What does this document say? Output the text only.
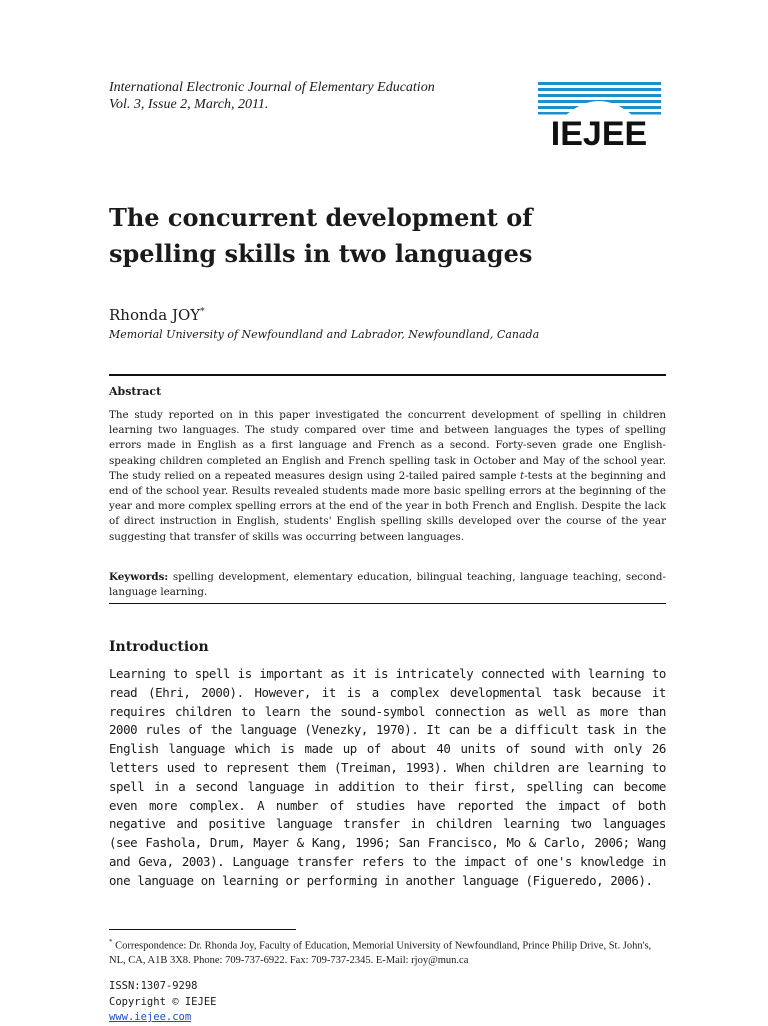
International Electronic Journal of Elementary Education
Vol. 3, Issue 2, March, 2011.
IEJEE
The concurrent development of
spelling skills in two languages
Rhonda JOY*
Memorial University of Newfoundland and Labrador, Newfoundland, Canada
Abstract

The study reported on in this paper investigated the concurrent development of spelling in children learning two languages. The study compared over time and between languages the types of spelling errors made in English as a first language and French as a second. Forty-seven grade one English-speaking children completed an English and French spelling task in October and May of the school year. The study relied on a repeated measures design using 2-tailed paired sample t-tests at the beginning and end of the school year. Results revealed students made more basic spelling errors at the beginning of the year and more complex spelling errors at the end of the year in both French and English. Despite the lack of direct instruction in English, students' English spelling skills developed over the course of the year suggesting that transfer of skills was occurring between languages.

Keywords: spelling development, elementary education, bilingual teaching, language teaching, second-language learning.

Introduction

Learning to spell is important as it is intricately connected with learning to read (Ehri, 2000). However, it is a complex developmental task because it requires children to learn the sound-symbol connection as well as more than 2000 rules of the language (Venezky, 1970). It can be a difficult task in the English language which is made up of about 40 units of sound with only 26 letters used to represent them (Treiman, 1993). When children are learning to spell in a second language in addition to their first, spelling can become even more complex. A number of studies have reported the impact of both negative and positive language transfer in children learning two languages (see Fashola, Drum, Mayer & Kang, 1996; San Francisco, Mo & Carlo, 2006; Wang and Geva, 2003). Language transfer refers to the impact of one's knowledge in one language on learning or performing in another language (Figueredo, 2006).

* Correspondence: Dr. Rhonda Joy, Faculty of Education, Memorial University of Newfoundland, Prince Philip Drive, St. John's, NL, CA, A1B 3X8. Phone: 709-737-6922. Fax: 709-737-2345. E-Mail: rjoy@mun.ca

ISSN:1307-9298
Copyright © IEJEE
www.iejee.com
